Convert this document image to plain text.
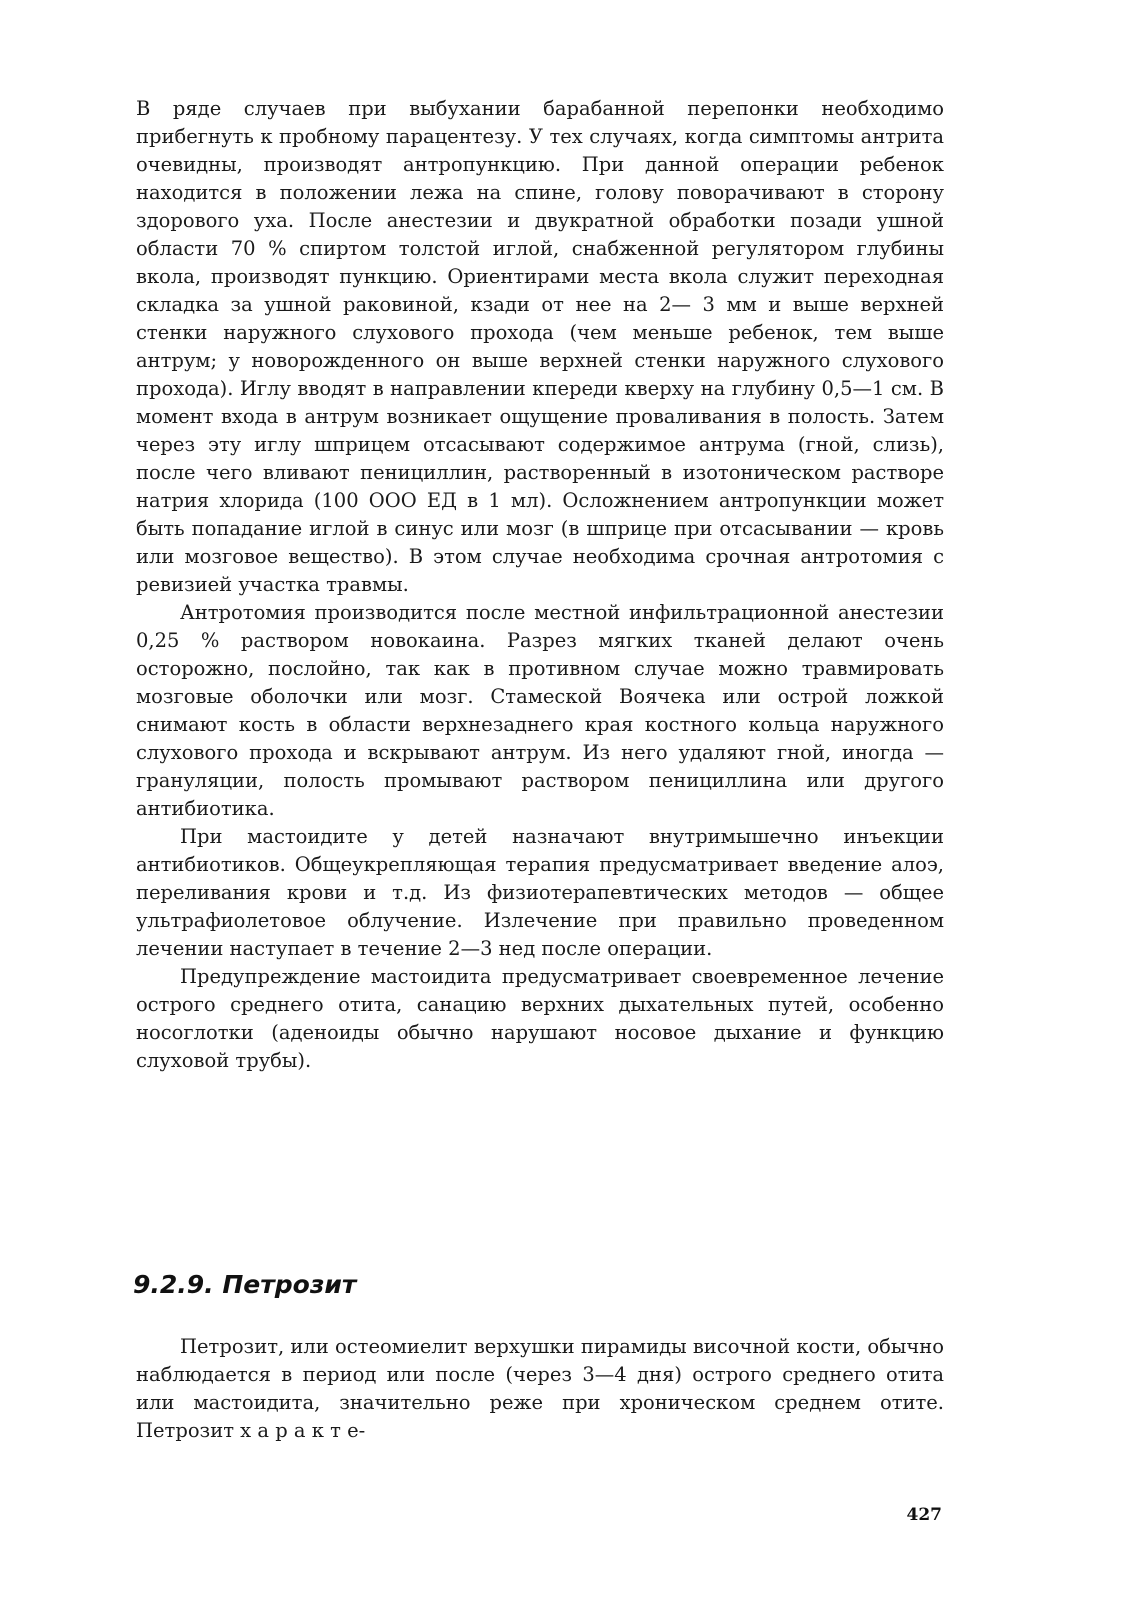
В ряде случаев при выбухании барабанной перепонки необходимо прибегнуть к пробному парацентезу. У тех случаях, когда симптомы антрита очевидны, производят антропункцию. При данной операции ребенок находится в положении лежа на спине, голову поворачивают в сторону здорового уха. После анестезии и двукратной обработки позади ушной области 70 % спиртом толстой иглой, снабженной регулятором глубины вкола, производят пункцию. Ориентирами места вкола служит переходная складка за ушной раковиной, кзади от нее на 2— 3 мм и выше верхней стенки наружного слухового прохода (чем меньше ребенок, тем выше антрум; у новорожденного он выше верхней стенки наружного слухового прохода). Иглу вводят в направлении кпереди кверху на глубину 0,5—1 см. В момент входа в антрум возникает ощущение проваливания в полость. Затем через эту иглу шприцем отсасывают содержимое антрума (гной, слизь), после чего вливают пенициллин, растворенный в изотоническом растворе натрия хлорида (100 ООО ЕД в 1 мл). Осложнением антропункции может быть попадание иглой в синус или мозг (в шприце при отсасывании — кровь или мозговое вещество). В этом случае необходима срочная антротомия с ревизией участка травмы.

Антротомия производится после местной инфильтрационной анестезии 0,25 % раствором новокаина. Разрез мягких тканей делают очень осторожно, послойно, так как в противном случае можно травмировать мозговые оболочки или мозг. Стамеской Воячека или острой ложкой снимают кость в области верхнезаднего края костного кольца наружного слухового прохода и вскрывают антрум. Из него удаляют гной, иногда — грануляции, полость промывают раствором пенициллина или другого антибиотика.

При мастоидите у детей назначают внутримышечно инъекции антибиотиков. Общеукрепляющая терапия предусматривает введение алоэ, переливания крови и т.д. Из физиотерапевтических методов — общее ультрафиолетовое облучение. Излечение при правильно проведенном лечении наступает в течение 2—3 нед после операции.

Предупреждение мастоидита предусматривает своевременное лечение острого среднего отита, санацию верхних дыхательных путей, особенно носоглотки (аденоиды обычно нарушают носовое дыхание и функцию слуховой трубы).

9.2.9. Петрозит

Петрозит, или остеомиелит верхушки пирамиды височной кости, обычно наблюдается в период или после (через 3—4 дня) острого среднего отита или мастоидита, значительно реже при хроническом среднем отите. Петрозит х а р а к т е-

427
